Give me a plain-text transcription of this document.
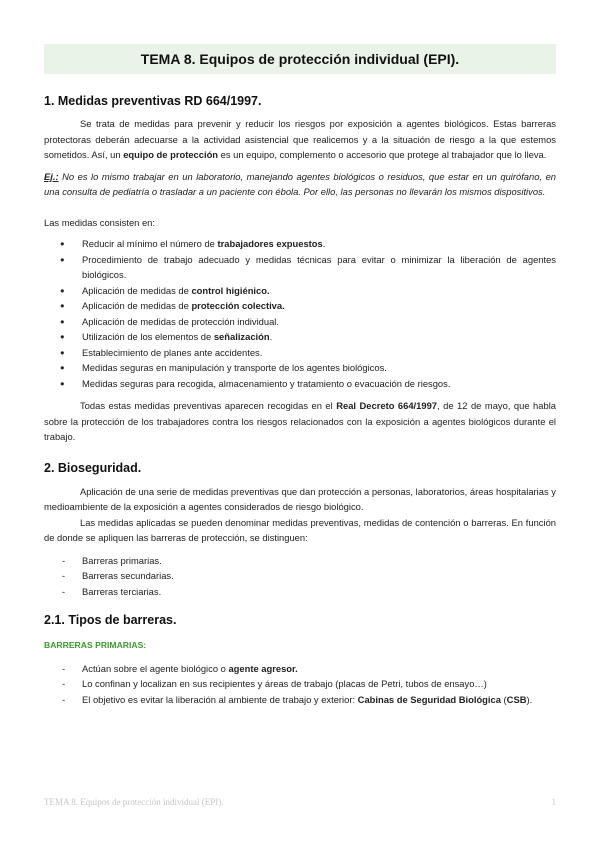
TEMA 8. Equipos de protección individual (EPI).
1. Medidas preventivas RD 664/1997.

Se trata de medidas para prevenir y reducir los riesgos por exposición a agentes biológicos. Estas barreras protectoras deberán adecuarse a la actividad asistencial que realicemos y a la situación de riesgo a la que estemos sometidos. Así, un equipo de protección es un equipo, complemento o accesorio que protege al trabajador que lo lleva.

Ej.: No es lo mismo trabajar en un laboratorio, manejando agentes biológicos o residuos, que estar en un quirófano, en una consulta de pediatría o trasladar a un paciente con ébola. Por ello, las personas no llevarán los mismos dispositivos.

Las medidas consisten en:

● Reducir al mínimo el número de trabajadores expuestos.
● Procedimiento de trabajo adecuado y medidas técnicas para evitar o minimizar la liberación de agentes biológicos.
● Aplicación de medidas de control higiénico.
● Aplicación de medidas de protección colectiva.
● Aplicación de medidas de protección individual.
● Utilización de los elementos de señalización.
● Establecimiento de planes ante accidentes.
● Medidas seguras en manipulación y transporte de los agentes biológicos.
● Medidas seguras para recogida, almacenamiento y tratamiento o evacuación de riesgos.

Todas estas medidas preventivas aparecen recogidas en el Real Decreto 664/1997, de 12 de mayo, que habla sobre la protección de los trabajadores contra los riesgos relacionados con la exposición a agentes biológicos durante el trabajo.

2. Bioseguridad.

Aplicación de una serie de medidas preventivas que dan protección a personas, laboratorios, áreas hospitalarias y medioambiente de la exposición a agentes considerados de riesgo biológico.

Las medidas aplicadas se pueden denominar medidas preventivas, medidas de contención o barreras. En función de donde se apliquen las barreras de protección, se distinguen:

- Barreras primarias.
- Barreras secundarias.
- Barreras terciarias.
2.1. Tipos de barreras.

BARRERAS PRIMARIAS:

- Actúan sobre el agente biológico o agente agresor.
- Lo confinan y localizan en sus recipientes y áreas de trabajo (placas de Petri, tubos de ensayo…)
- El objetivo es evitar la liberación al ambiente de trabajo y exterior: Cabinas de Seguridad Biológica (CSB).
TEMA 8. Equipos de protección individual (EPI).	1
